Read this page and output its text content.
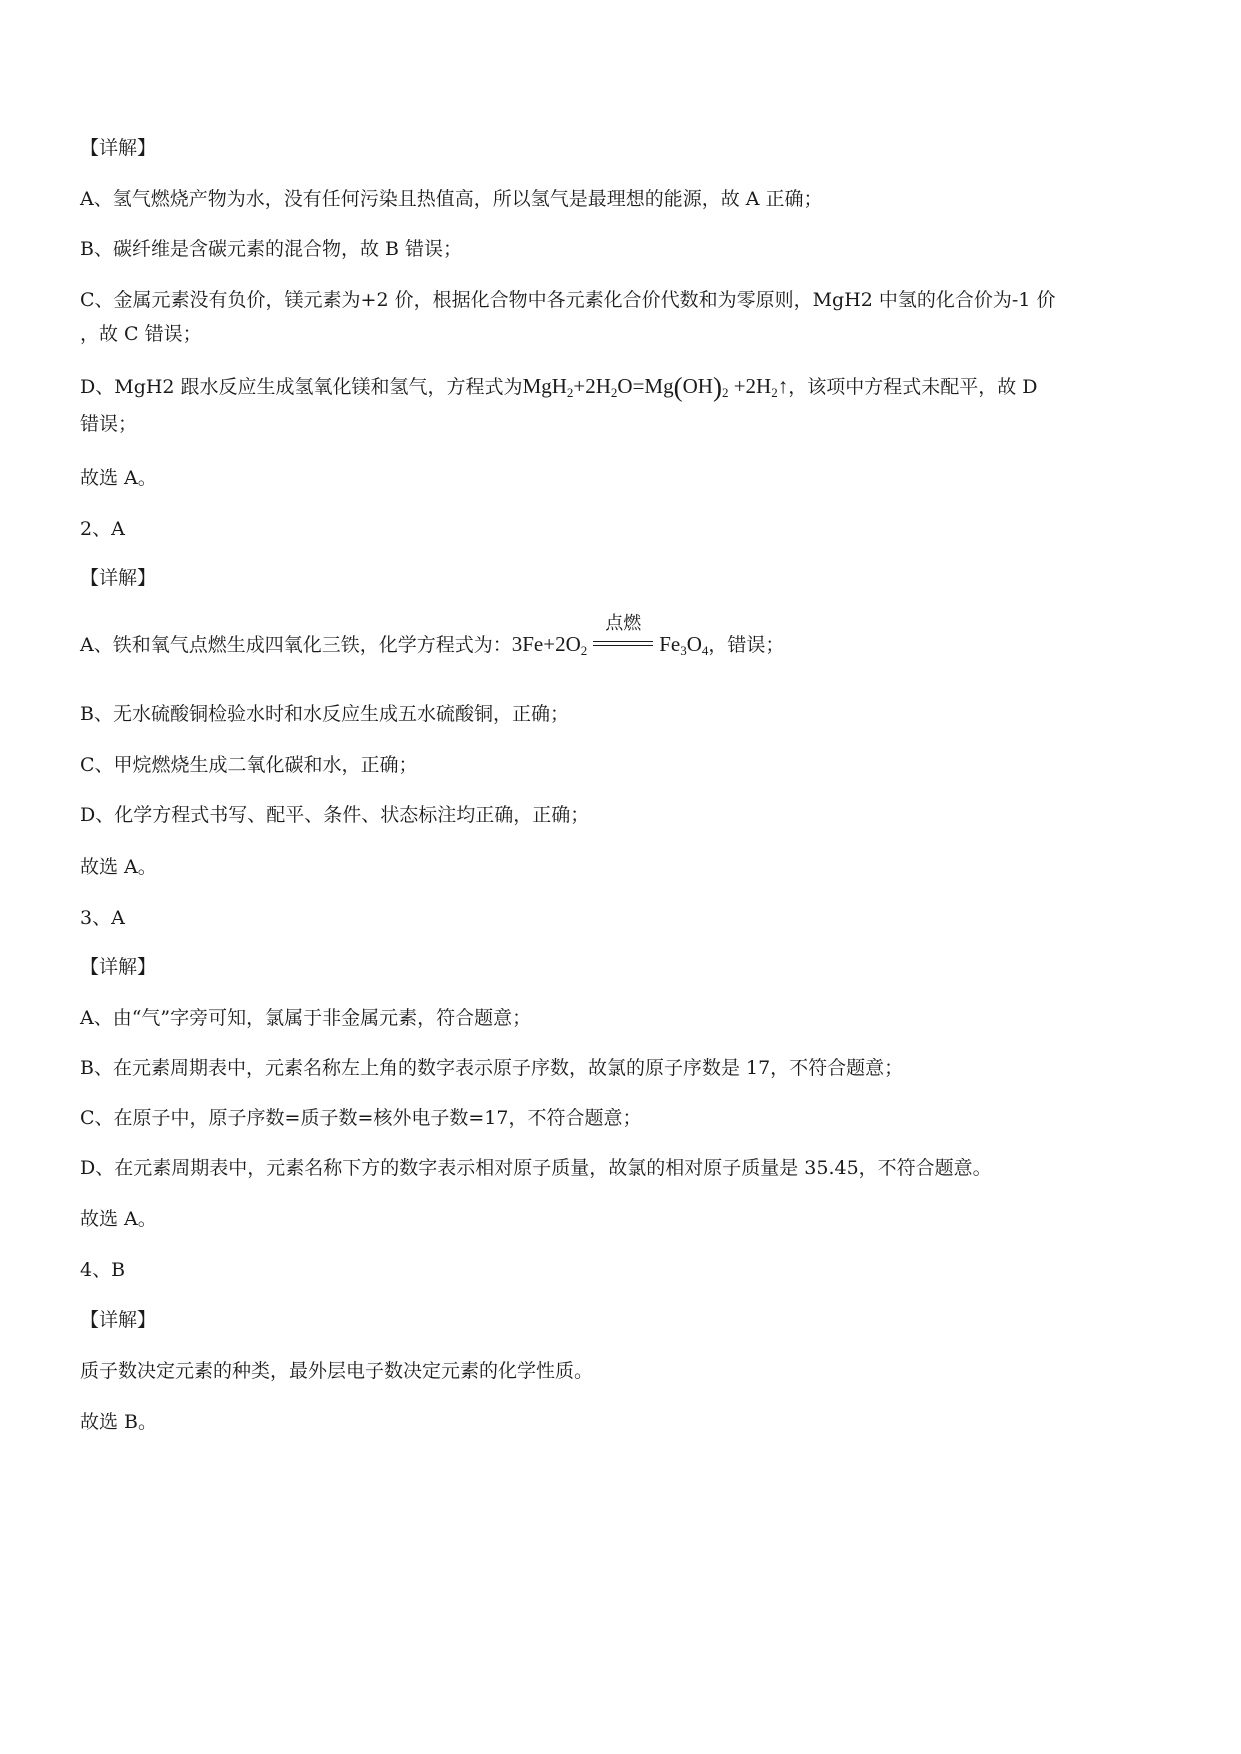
【详解】
A、氢气燃烧产物为水，没有任何污染且热值高，所以氢气是最理想的能源，故 A 正确；
B、碳纤维是含碳元素的混合物，故 B 错误；
C、金属元素没有负价，镁元素为+2 价，根据化合物中各元素化合价代数和为零原则，MgH2 中氢的化合价为-1 价
，故 C 错误；
D、MgH2 跟水反应生成氢氧化镁和氢气，方程式为$MgH_2+2H_2O=Mg(OH)_2$ $+2H_2↑$，该项中方程式未配平，故 D
错误；
故选 A。
2、A
【详解】
A、铁和氧气点燃生成四氧化三铁，化学方程式为：$3Fe+2O_2$
点燃
$Fe_3O_4$，错误；
B、无水硫酸铜检验水时和水反应生成五水硫酸铜，正确；
C、甲烷燃烧生成二氧化碳和水，正确；
D、化学方程式书写、配平、条件、状态标注均正确，正确；
故选 A。
3、A
【详解】
A、由“气”字旁可知，氯属于非金属元素，符合题意；
B、在元素周期表中，元素名称左上角的数字表示原子序数，故氯的原子序数是 17，不符合题意；
C、在原子中，原子序数=质子数=核外电子数=17，不符合题意；
D、在元素周期表中，元素名称下方的数字表示相对原子质量，故氯的相对原子质量是 35.45，不符合题意。
故选 A。
4、B
【详解】
质子数决定元素的种类，最外层电子数决定元素的化学性质。
故选 B。
